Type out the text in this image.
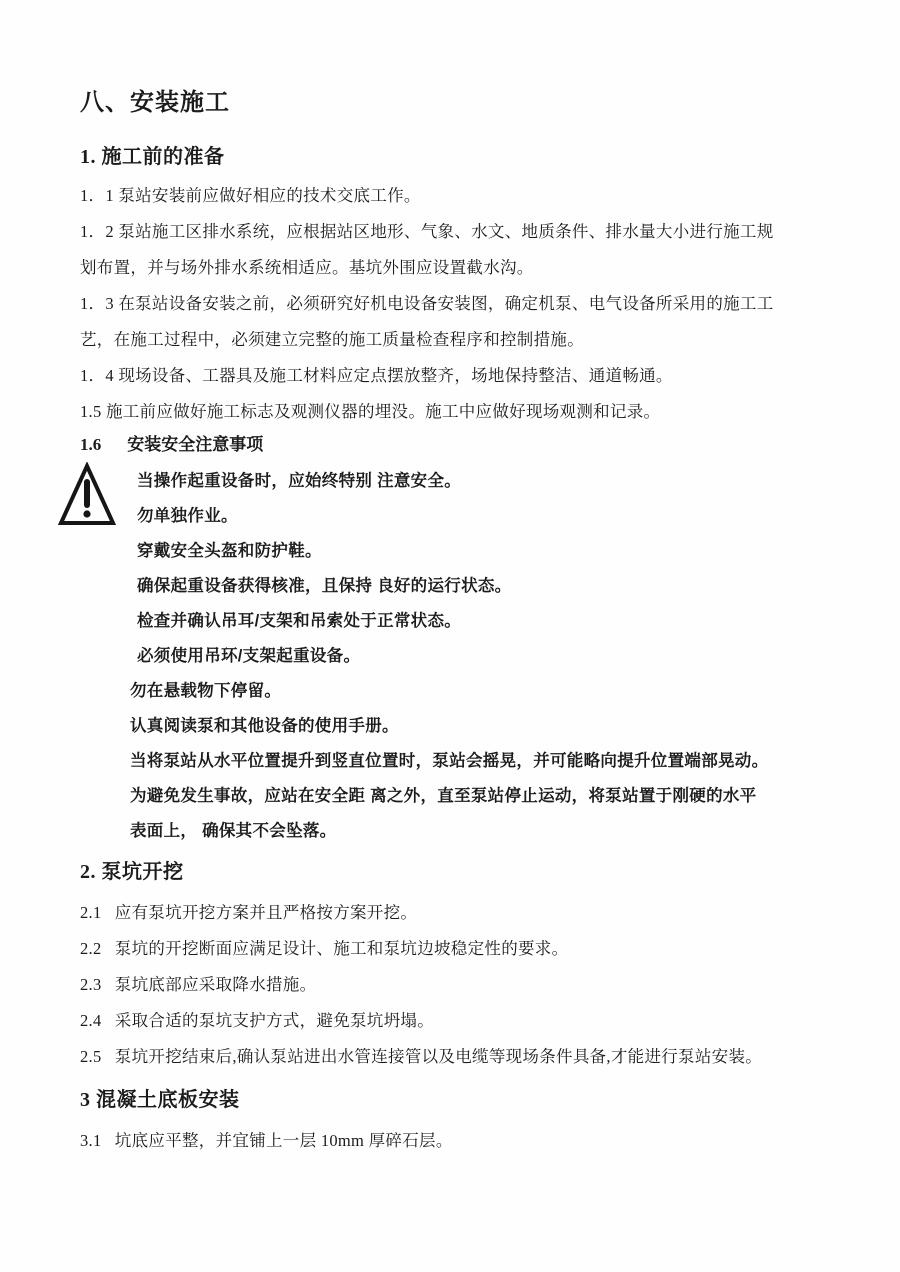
八、安装施工
1. 施工前的准备

1．1 泵站安装前应做好相应的技术交底工作。

1．2 泵站施工区排水系统，应根据站区地形、气象、水文、地质条件、排水量大小进行施工规

划布置，并与场外排水系统相适应。基坑外围应设置截水沟。

1．3 在泵站设备安装之前，必须研究好机电设备安装图，确定机泵、电气设备所采用的施工工

艺，在施工过程中，必须建立完整的施工质量检查程序和控制措施。

1．4 现场设备、工器具及施工材料应定点摆放整齐，场地保持整洁、通道畅通。

1.5 施工前应做好施工标志及观测仪器的埋没。施工中应做好现场观测和记录。

1.6 安装安全注意事项

当操作起重设备时，应始终特别 注意安全。

勿单独作业。

穿戴安全头盔和防护鞋。

确保起重设备获得核准，且保持 良好的运行状态。

检查并确认吊耳/支架和吊索处于正常状态。

必须使用吊环/支架起重设备。

勿在悬载物下停留。

认真阅读泵和其他设备的使用手册。

当将泵站从水平位置提升到竖直位置时，泵站会摇晃，并可能略向提升位置端部晃动。

为避免发生事故，应站在安全距 离之外，直至泵站停止运动，将泵站置于刚硬的水平

表面上， 确保其不会坠落。

2. 泵坑开挖

2.1   应有泵坑开挖方案并且严格按方案开挖。

2.2   泵坑的开挖断面应满足设计、施工和泵坑边坡稳定性的要求。

2.3   泵坑底部应采取降水措施。

2.4   采取合适的泵坑支护方式，避免泵坑坍塌。

2.5   泵坑开挖结束后,确认泵站进出水管连接管以及电缆等现场条件具备,才能进行泵站安装。

3 混凝土底板安装

3.1   坑底应平整，并宜铺上一层 10mm 厚碎石层。
